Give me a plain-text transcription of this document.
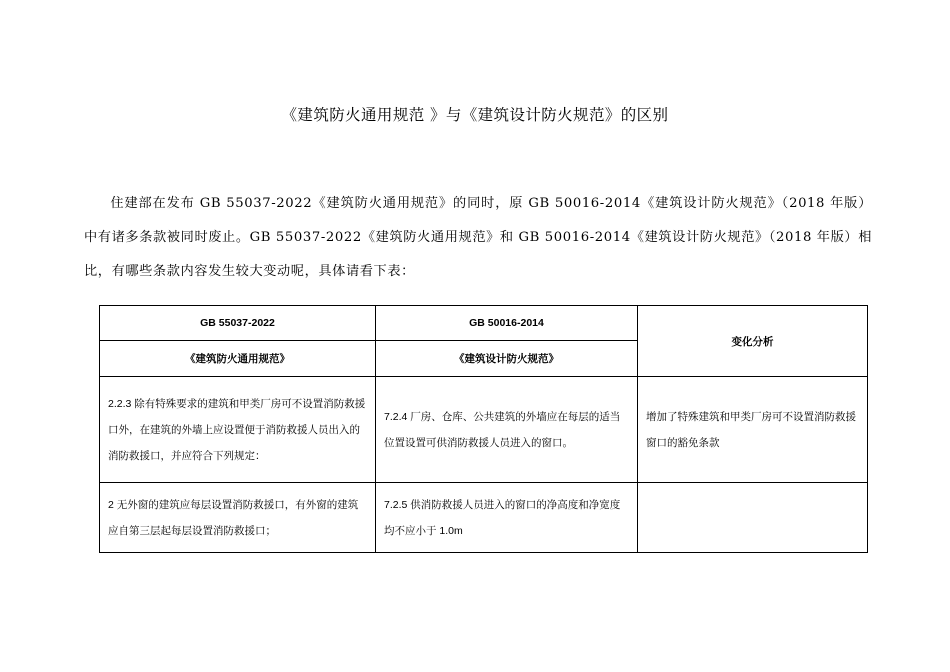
《建筑防火通用规范 》与《建筑设计防火规范》的区别

住建部在发布 GB 55037-2022《建筑防火通用规范》的同时，原 GB 50016-2014《建筑设计防火规范》（2018 年版）中有诸多条款被同时废止。GB 55037-2022《建筑防火通用规范》和 GB 50016-2014《建筑设计防火规范》（2018 年版）相比，有哪些条款内容发生较大变动呢，具体请看下表：

GB 55037-2022	GB 50016-2014	变化分析
《建筑防火通用规范》	《建筑设计防火规范》	
2.2.3 除有特殊要求的建筑和甲类厂房可不设置消防救援口外，在建筑的外墙上应设置便于消防救援人员出入的消防救援口，并应符合下列规定：	7.2.4 厂房、仓库、公共建筑的外墙应在每层的适当位置设置可供消防救援人员进入的窗口。	增加了特殊建筑和甲类厂房可不设置消防救援窗口的豁免条款
2 无外窗的建筑应每层设置消防救援口，有外窗的建筑应自第三层起每层设置消防救援口；	7.2.5 供消防救援人员进入的窗口的净高度和净宽度均不应小于 1.0m	
